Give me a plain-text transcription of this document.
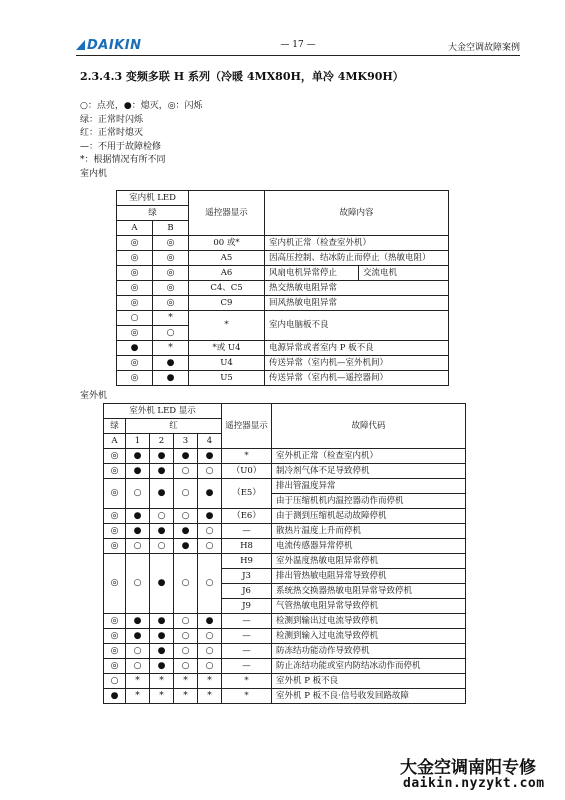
DAIKIN	— 17 —	大金空调故障案例
2.3.4.3 变频多联 H 系列（冷暖 4MX80H，单冷 4MK90H）
○：点亮，●：熄灭，◎：闪烁
绿：正常时闪烁
红：正常时熄灭
—：不用于故障检修
*：根据情况有所不同
室内机
室内机 LED		遥控器显示	故障内容	
绿				
A	B			
◎	◎	00 或*	室内机正常（检查室外机）	
◎	◎	A5	因高压控制、结冰防止而停止（热敏电阻）	
◎	◎	A6	风扇电机异常停止	交流电机
◎	◎	C4、C5	热交热敏电阻异常	
◎	◎	C9	回风热敏电阻异常	
○	*	*	室内电脑板不良	
◎	○			
●	*	*或 U4	电源异常或者室内 P 板不良	
◎	●	U4	传送异常（室内机—室外机间）	
◎	●	U5	传送异常（室内机—遥控器间）	
室外机
室外机 LED 显示					遥控器显示	故障代码
绿	红					
A	1	2	3	4		
◎	●	●	●	●	*	室外机正常（检查室内机）
◎	●	●	○	○	（U0）	制冷剂气体不足导致停机
◎	○	●	○	●	（E5）	排出管温度异常
						由于压缩机机内温控器动作而停机
◎	●	○	○	●	（E6）	由于测到压缩机起动故障停机
◎	●	●	●	○	—	散热片温度上升而停机
◎	○	○	●	○	H8	电流传感器异常停机
◎	○	●	○	○	H9	室外温度热敏电阻异常停机
					J3	排出管热敏电阻异常导致停机
					J6	系统热交换器热敏电阻异常导致停机
					J9	气管热敏电阻异常导致停机
◎	●	●	○	●	—	检测到输出过电流导致停机
◎	●	●	○	○	—	检测到输入过电流导致停机
◎	○	●	○	○	—	防冻结功能动作导致停机
◎	○	●	○	○	—	防止冻结功能或室内防结冰动作而停机
○	*	*	*	*	*	室外机 P 板不良
●	*	*	*	*	*	室外机 P 板不良·信号收发回路故障
大金空调南阳专修
daikin.nyzykt.com
